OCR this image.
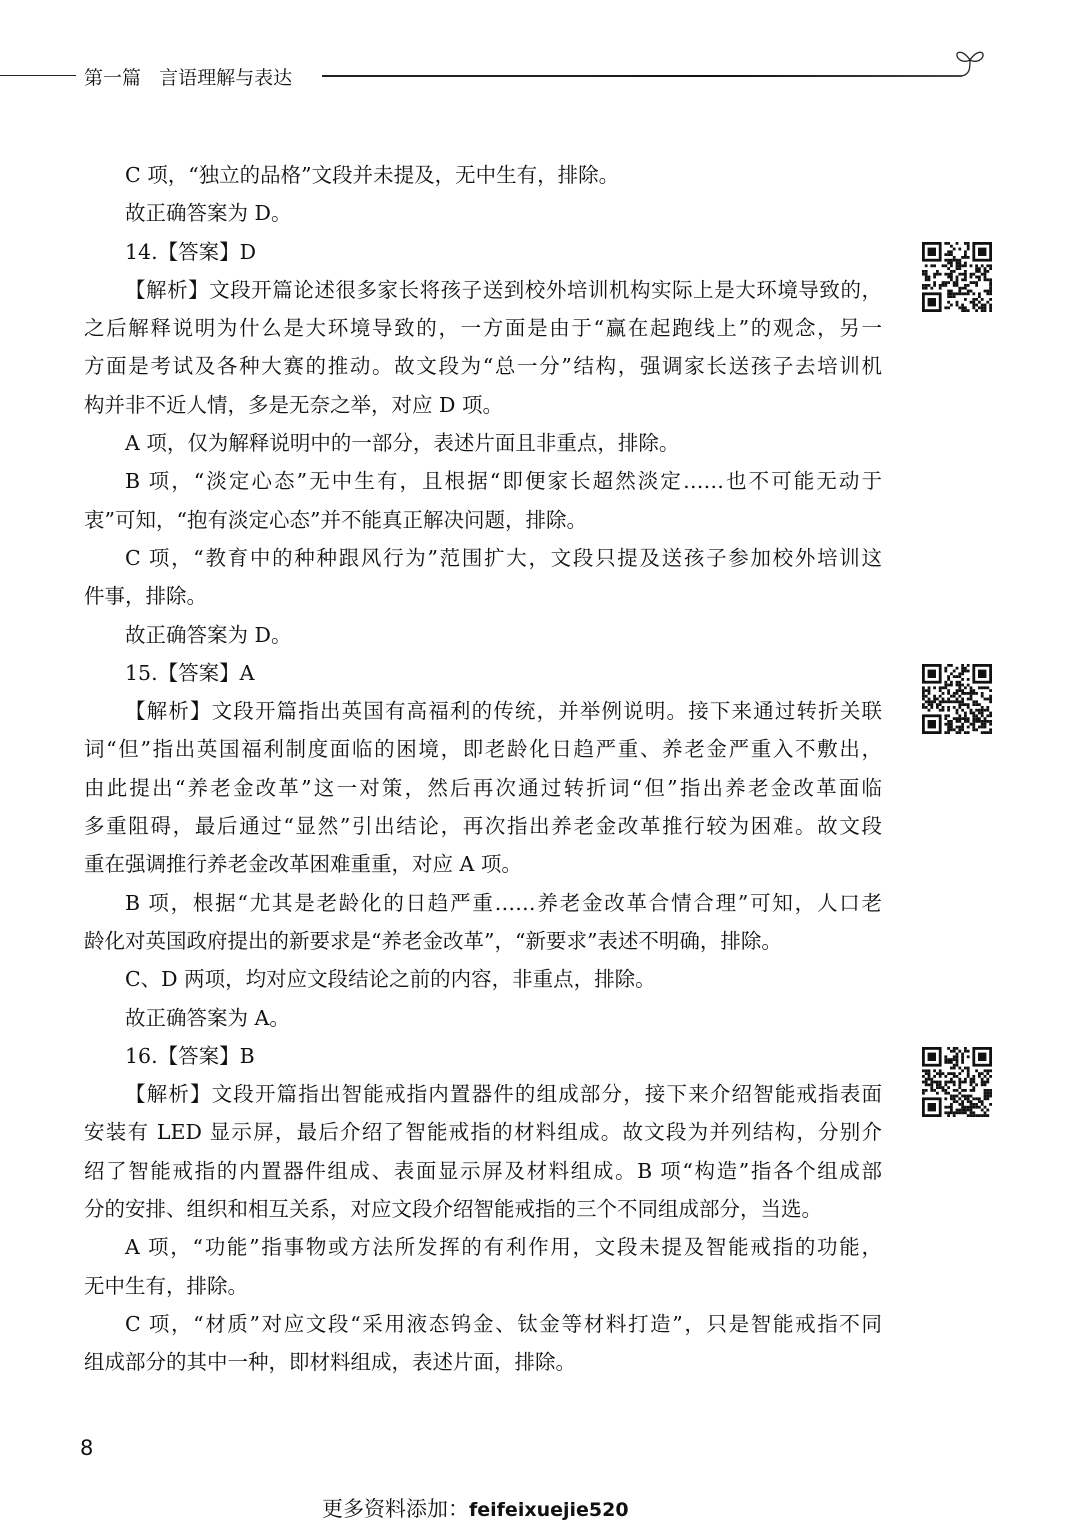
第一篇 言语理解与表达
C 项，“独立的品格”文段并未提及，无中生有，排除。
故正确答案为 D。
14.【答案】D
【解析】文段开篇论述很多家长将孩子送到校外培训机构实际上是大环境导致的，
之后解释说明为什么是大环境导致的，一方面是由于“赢在起跑线上”的观念，另一
方面是考试及各种大赛的推动。故文段为“总一分”结构，强调家长送孩子去培训机
构并非不近人情，多是无奈之举，对应 D 项。
A 项，仅为解释说明中的一部分，表述片面且非重点，排除。
B 项，“淡定心态”无中生有，且根据“即便家长超然淡定……也不可能无动于
衷”可知，“抱有淡定心态”并不能真正解决问题，排除。
C 项，“教育中的种种跟风行为”范围扩大，文段只提及送孩子参加校外培训这
件事，排除。
故正确答案为 D。
15.【答案】A
【解析】文段开篇指出英国有高福利的传统，并举例说明。接下来通过转折关联
词“但”指出英国福利制度面临的困境，即老龄化日趋严重、养老金严重入不敷出，
由此提出“养老金改革”这一对策，然后再次通过转折词“但”指出养老金改革面临
多重阻碍，最后通过“显然”引出结论，再次指出养老金改革推行较为困难。故文段
重在强调推行养老金改革困难重重，对应 A 项。
B 项，根据“尤其是老龄化的日趋严重……养老金改革合情合理”可知，人口老
龄化对英国政府提出的新要求是“养老金改革”，“新要求”表述不明确，排除。
C、D 两项，均对应文段结论之前的内容，非重点，排除。
故正确答案为 A。
16.【答案】B
【解析】文段开篇指出智能戒指内置器件的组成部分，接下来介绍智能戒指表面
安装有 LED 显示屏，最后介绍了智能戒指的材料组成。故文段为并列结构，分别介
绍了智能戒指的内置器件组成、表面显示屏及材料组成。B 项“构造”指各个组成部
分的安排、组织和相互关系，对应文段介绍智能戒指的三个不同组成部分，当选。
A 项，“功能”指事物或方法所发挥的有利作用，文段未提及智能戒指的功能，
无中生有，排除。
C 项，“材质”对应文段“采用液态钨金、钛金等材料打造”，只是智能戒指不同
组成部分的其中一种，即材料组成，表述片面，排除。
8
更多资料添加：feifeixuejie520
